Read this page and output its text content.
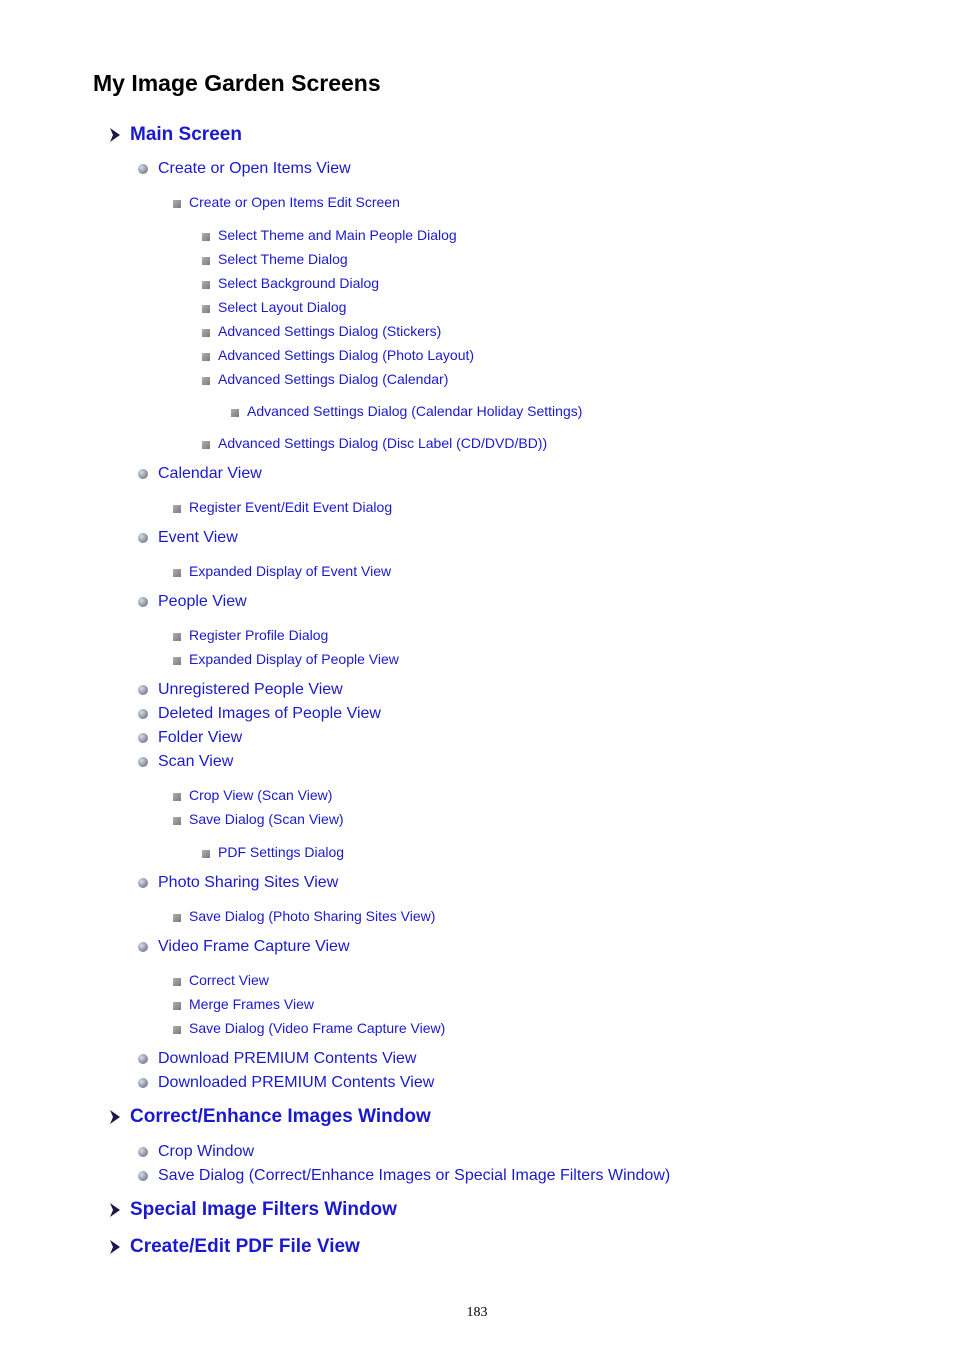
My Image Garden Screens
Main Screen
Create or Open Items View
Create or Open Items Edit Screen
Select Theme and Main People Dialog
Select Theme Dialog
Select Background Dialog
Select Layout Dialog
Advanced Settings Dialog (Stickers)
Advanced Settings Dialog (Photo Layout)
Advanced Settings Dialog (Calendar)
Advanced Settings Dialog (Calendar Holiday Settings)
Advanced Settings Dialog (Disc Label (CD/DVD/BD))
Calendar View
Register Event/Edit Event Dialog
Event View
Expanded Display of Event View
People View
Register Profile Dialog
Expanded Display of People View
Unregistered People View
Deleted Images of People View
Folder View
Scan View
Crop View (Scan View)
Save Dialog (Scan View)
PDF Settings Dialog
Photo Sharing Sites View
Save Dialog (Photo Sharing Sites View)
Video Frame Capture View
Correct View
Merge Frames View
Save Dialog (Video Frame Capture View)
Download PREMIUM Contents View
Downloaded PREMIUM Contents View
Correct/Enhance Images Window
Crop Window
Save Dialog (Correct/Enhance Images or Special Image Filters Window)
Special Image Filters Window
Create/Edit PDF File View
183
